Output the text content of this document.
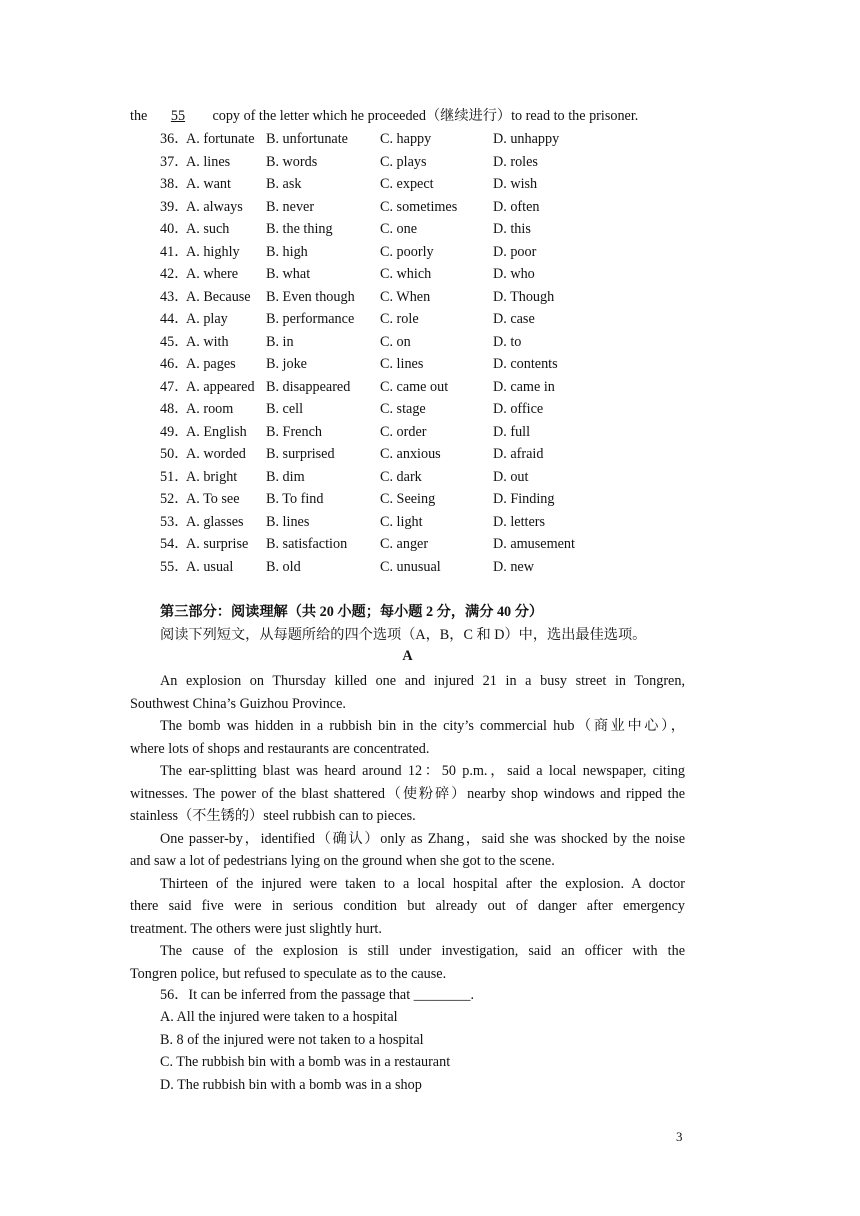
the 55 copy of the letter which he proceeded（继续进行）to read to the prisoner.
36．
A. fortunate B. unfortunate C. happy	D. unhappy
37．
A. lines	B. words	C. plays	D. roles
38．
A. want B. ask	C. expect	D. wish
39．
A. always B. never	C. sometimes	D. often
40．
A. such	B. the thing	C. one	D. this
41．
A. highly B. high	C. poorly	D. poor
42．
A. where B. what	C. which	D. who
43．
A. Because B. Even though C. When	D. Though
44．
A. play	B. performance C. role	D. case
45．
A. with	B. in	C. on	D. to
46．
A. pages B. joke	C. lines	D. contents
47．
A. appeared B. disappeared C. came out	D. came in
48．
A. room B. cell	C. stage	D. office
49．
A. English B. French	C. order	D. full
50．
A. worded B. surprised	C. anxious	D. afraid
51．
A. bright B. dim	C. dark	D. out
52．
A. To see B. To find	C. Seeing	D. Finding
53．
A. glasses B. lines	C. light	D. letters
54．
A. surprise B. satisfaction C. anger	D. amusement
55．
A. usual B. old	C. unusual	D. new
第三部分：阅读理解（共 20 小题；每小题 2 分，满分 40 分）
阅读下列短文，从每题所给的四个选项（A，B，C 和 D）中，选出最佳选项。
A
An explosion on Thursday killed one and injured 21 in a busy street in Tongren,
Southwest China’s Guizhou Province.
The bomb was hidden in a rubbish bin in the city’s commercial hub（商业中心），
where lots of shops and restaurants are concentrated.
The ear-splitting blast was heard around 12：50 p.m.，said a local newspaper, citing
witnesses. The power of the blast shattered（使粉碎）nearby shop windows and ripped the
stainless（不生锈的）steel rubbish can to pieces.
One passer-by，identified（确认）only as Zhang，said she was shocked by the noise
and saw a lot of pedestrians lying on the ground when she got to the scene.
Thirteen of the injured were taken to a local hospital after the explosion. A doctor
there said five were in serious condition but already out of danger after emergency
treatment. The others were just slightly hurt.
The cause of the explosion is still under investigation, said an officer with the
Tongren police, but refused to speculate as to the cause.
56．It can be inferred from the passage that ________.
A. All the injured were taken to a hospital
B. 8 of the injured were not taken to a hospital
C. The rubbish bin with a bomb was in a restaurant
D. The rubbish bin with a bomb was in a shop
3
